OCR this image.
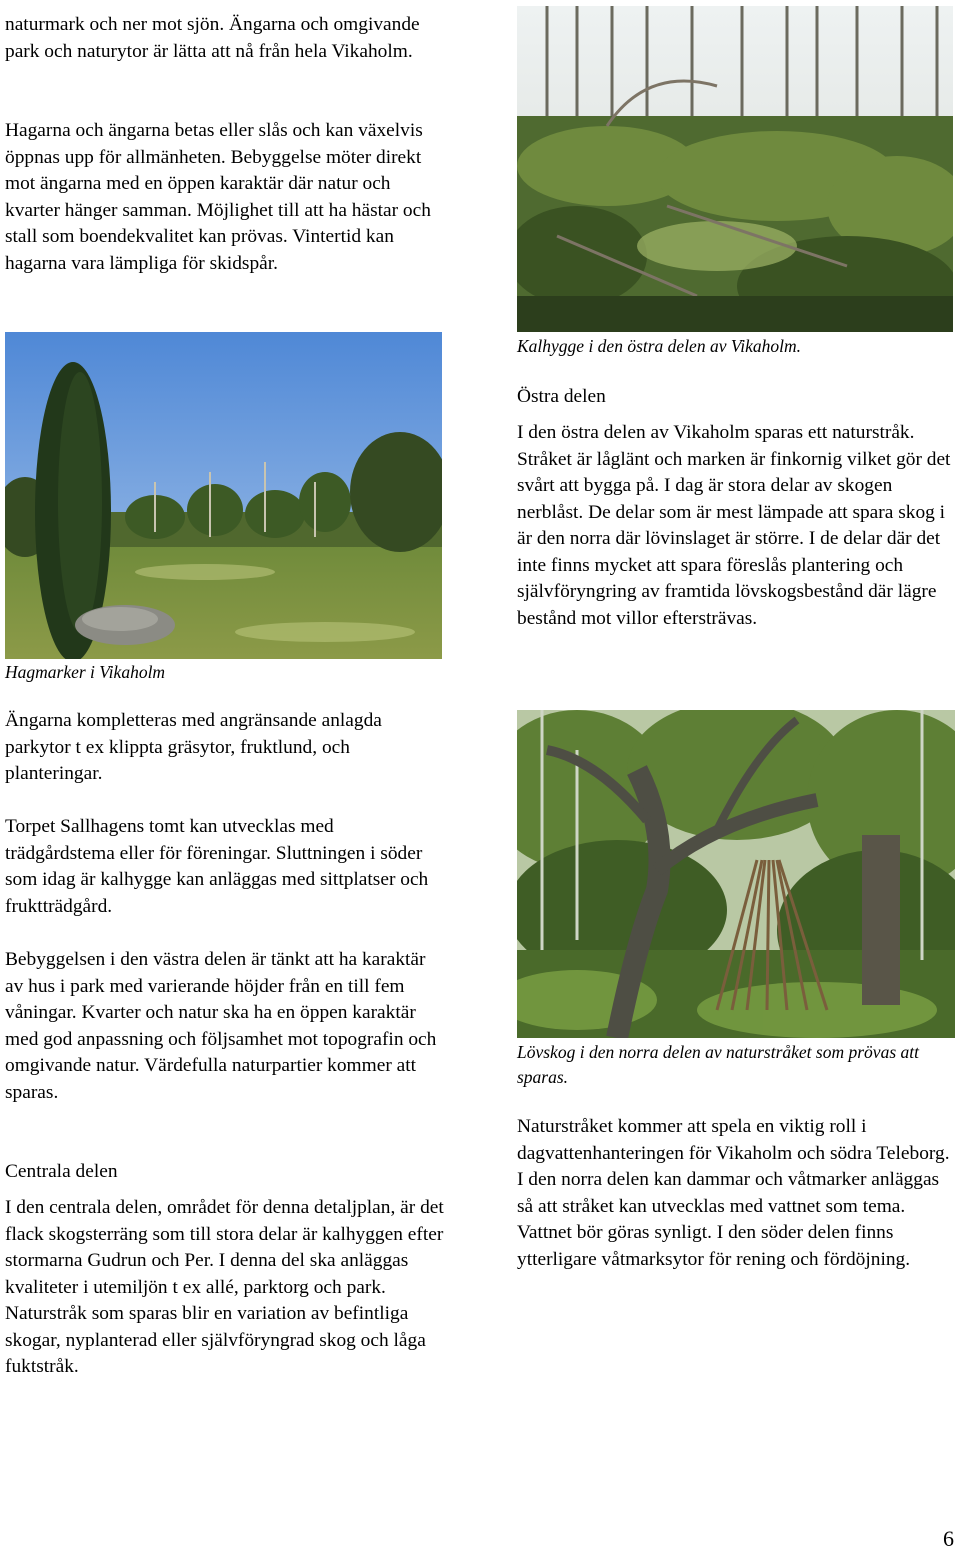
naturmark och ner mot sjön. Ängarna och omgivande park och naturytor är lätta att nå från hela Vikaholm.

Hagarna och ängarna betas eller slås och kan växelvis öppnas upp för allmänheten. Bebyggelse möter direkt mot ängarna med en öppen karaktär där natur och kvarter hänger samman. Möjlighet till att ha hästar och stall som boendekvalitet kan prövas. Vintertid kan hagarna vara lämpliga för skidspår.

Hagmarker i Vikaholm

Ängarna kompletteras med angränsande anlagda parkytor t ex klippta gräsytor, fruktlund, och planteringar.

Torpet Sallhagens tomt kan utvecklas med trädgårdstema eller för föreningar. Sluttningen i söder som idag är kalhygge kan anläggas med sittplatser och fruktträdgård.

Bebyggelsen i den västra delen är tänkt att ha karaktär av hus i park med varierande höjder från en till fem våningar. Kvarter och natur ska ha en öppen karaktär med god anpassning och följsamhet mot topografin och omgivande natur. Värdefulla naturpartier kommer att sparas.

Centrala delen

I den centrala delen, området för denna detaljplan, är det flack skogsterräng som till stora delar är kalhyggen efter stormarna Gudrun och Per. I denna del ska anläggas kvaliteter i utemiljön t ex allé, parktorg och park. Naturstråk som sparas blir en variation av befintliga skogar, nyplanterad eller självföryngrad skog och låga fuktstråk.

Kalhygge i den östra delen av Vikaholm.

Östra delen

I den östra delen av Vikaholm sparas ett naturstråk. Stråket är låglänt och marken är finkornig vilket gör det svårt att bygga på. I dag är stora delar av skogen nerblåst. De delar som är mest lämpade att spara skog i är den norra där lövinslaget är större. I de delar där det inte finns mycket att spara föreslås plantering och självföryngring av framtida lövskogsbestånd där lägre bestånd mot villor eftersträvas.

Lövskog i den norra delen av naturstråket som prövas att sparas.

Naturstråket kommer att spela en viktig roll i dagvattenhanteringen för Vikaholm och södra Teleborg. I den norra delen kan dammar och våtmarker anläggas så att stråket kan utvecklas med vattnet som tema. Vattnet bör göras synligt. I den söder delen finns ytterligare våtmarksytor för rening och fördöjning.

6
